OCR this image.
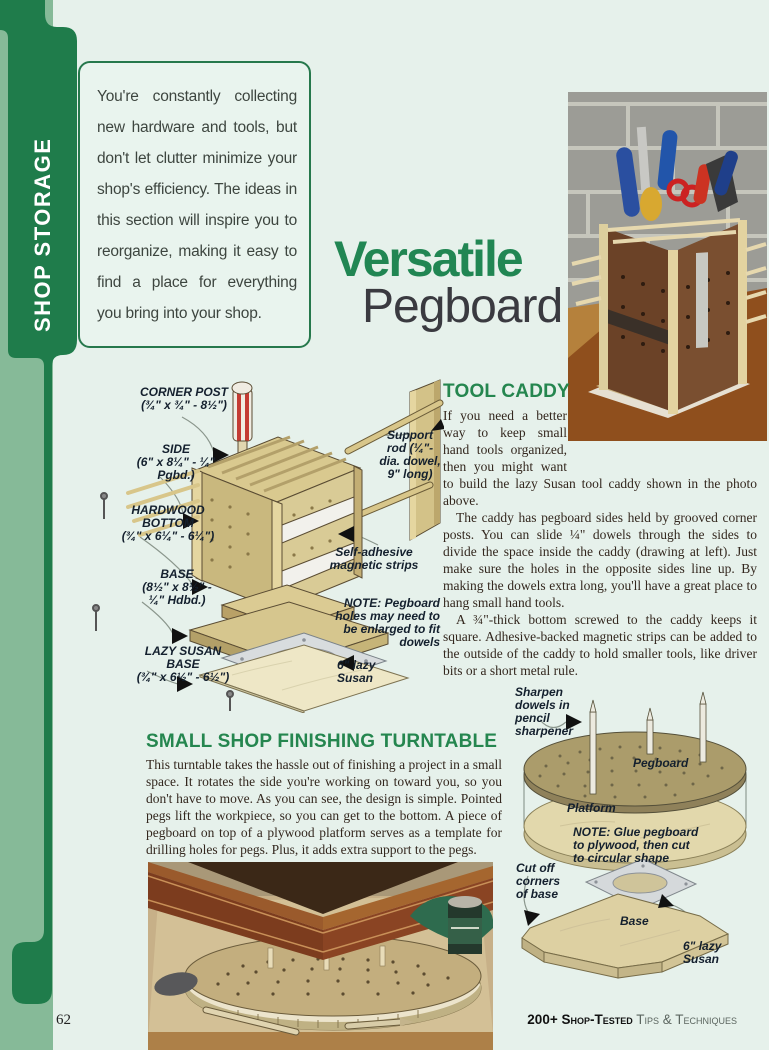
SHOP STORAGE
You're constantly collecting new hardware and tools, but don't let clutter minimize your shop's efficiency. The ideas in this section will inspire you to reorganize, making it easy to find a place for everything you bring into your shop.
Versatile
Pegboard
CORNER POST
(¾" x ¾" - 8½")
SIDE
(6" x 8¼" - ¼" Pgbd.)
HARDWOOD BOTTOM
(¾" x 6¼" - 6¼")
BASE
(8½" x 8½" - ¼" Hdbd.)
LAZY SUSAN BASE
(¾" x 6½" - 6½")
Support rod (¼"-dia. dowel, 9" long)
Self-adhesive magnetic strips
NOTE: Pegboard holes may need to be enlarged to fit dowels
6" lazy Susan
TOOL CADDY

If you need a better way to keep small hand tools organized, then you might want to build the lazy Susan tool caddy shown in the photo above.

The caddy has pegboard sides held by grooved corner posts. You can slide ¼" dowels through the sides to divide the space inside the caddy (drawing at left). Just make sure the holes in the opposite sides line up. By making the dowels extra long, you'll have a great place to hang small hand tools.

A ¾"-thick bottom screwed to the caddy keeps it square. Adhesive-backed magnetic strips can be added to the outside of the caddy to hold smaller tools, like driver bits or a short metal rule.

SMALL SHOP FINISHING TURNTABLE

This turntable takes the hassle out of finishing a project in a small space. It rotates the side you're working on toward you, so you don't have to move. As you can see, the design is simple. Pointed pegs lift the workpiece, so you can get to the bottom. A piece of pegboard on top of a plywood platform serves as a template for drilling holes for pegs. Plus, it adds extra support to the pegs.

Sharpen dowels in pencil sharpener
Pegboard
Platform
NOTE: Glue pegboard to plywood, then cut to circular shape
Cut off corners of base
Base
6" lazy Susan
62	200+ Shop-Tested Tips & Techniques
